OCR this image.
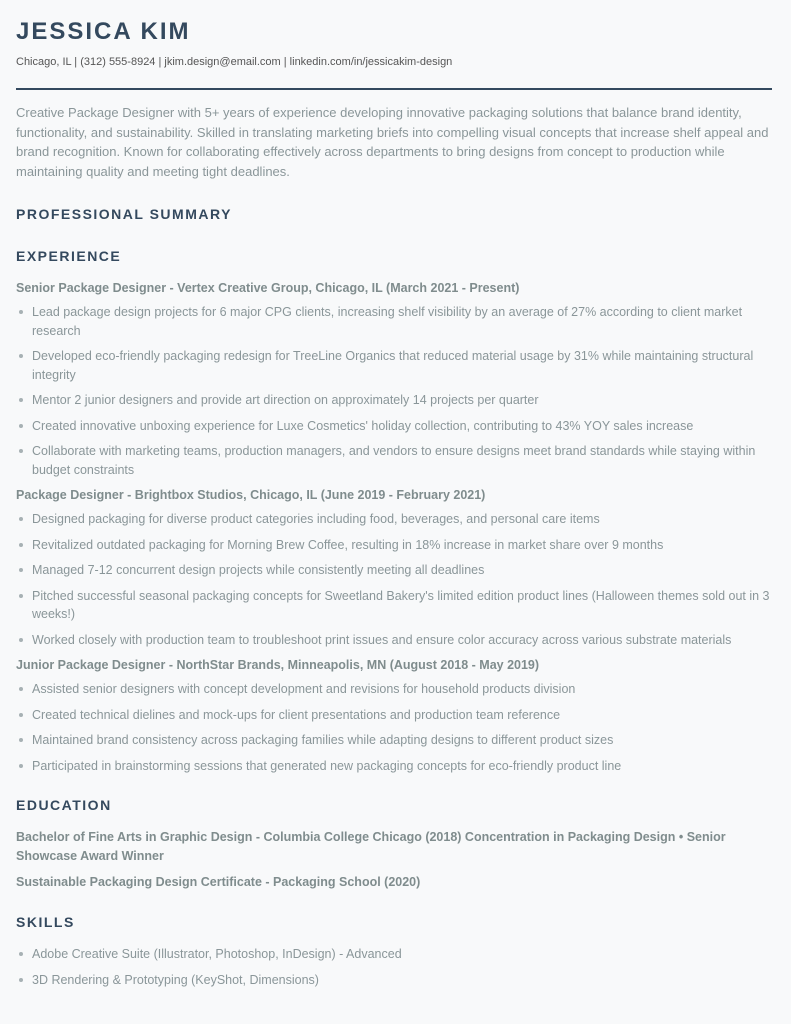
JESSICA KIM
Chicago, IL | (312) 555-8924 | jkim.design@email.com | linkedin.com/in/jessicakim-design

Creative Package Designer with 5+ years of experience developing innovative packaging solutions that balance brand identity, functionality, and sustainability. Skilled in translating marketing briefs into compelling visual concepts that increase shelf appeal and brand recognition. Known for collaborating effectively across departments to bring designs from concept to production while maintaining quality and meeting tight deadlines.

PROFESSIONAL SUMMARY
EXPERIENCE
Senior Package Designer - Vertex Creative Group, Chicago, IL (March 2021 - Present)
Lead package design projects for 6 major CPG clients, increasing shelf visibility by an average of 27% according to client market research
Developed eco-friendly packaging redesign for TreeLine Organics that reduced material usage by 31% while maintaining structural integrity
Mentor 2 junior designers and provide art direction on approximately 14 projects per quarter
Created innovative unboxing experience for Luxe Cosmetics' holiday collection, contributing to 43% YOY sales increase
Collaborate with marketing teams, production managers, and vendors to ensure designs meet brand standards while staying within budget constraints
Package Designer - Brightbox Studios, Chicago, IL (June 2019 - February 2021)
Designed packaging for diverse product categories including food, beverages, and personal care items
Revitalized outdated packaging for Morning Brew Coffee, resulting in 18% increase in market share over 9 months
Managed 7-12 concurrent design projects while consistently meeting all deadlines
Pitched successful seasonal packaging concepts for Sweetland Bakery's limited edition product lines (Halloween themes sold out in 3 weeks!)
Worked closely with production team to troubleshoot print issues and ensure color accuracy across various substrate materials
Junior Package Designer - NorthStar Brands, Minneapolis, MN (August 2018 - May 2019)
Assisted senior designers with concept development and revisions for household products division
Created technical dielines and mock-ups for client presentations and production team reference
Maintained brand consistency across packaging families while adapting designs to different product sizes
Participated in brainstorming sessions that generated new packaging concepts for eco-friendly product line
EDUCATION
Bachelor of Fine Arts in Graphic Design - Columbia College Chicago (2018) Concentration in Packaging Design • Senior Showcase Award Winner
Sustainable Packaging Design Certificate - Packaging School (2020)
SKILLS
Adobe Creative Suite (Illustrator, Photoshop, InDesign) - Advanced
3D Rendering & Prototyping (KeyShot, Dimensions)
